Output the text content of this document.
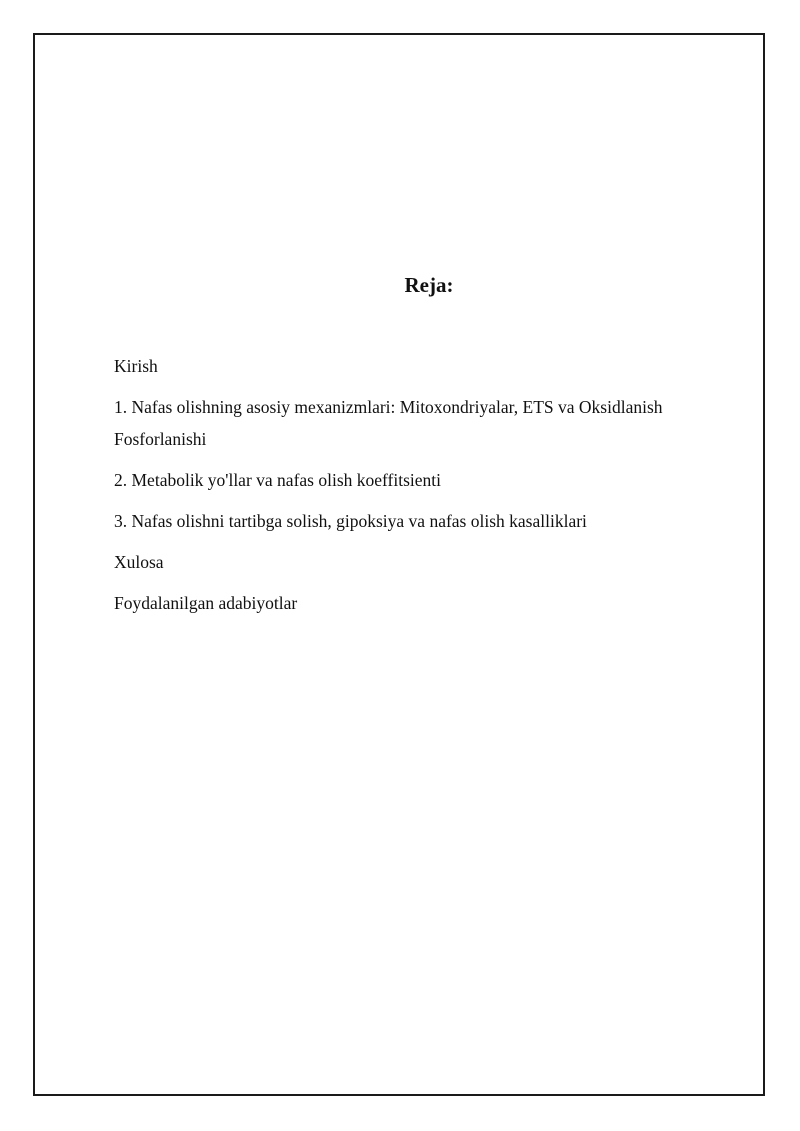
Reja:
Kirish
1. Nafas olishning asosiy mexanizmlari: Mitoxondriyalar, ETS va Oksidlanish Fosforlanishi
2. Metabolik yo'llar va nafas olish koeffitsienti
3. Nafas olishni tartibga solish, gipoksiya va nafas olish kasalliklari
Xulosa
Foydalanilgan adabiyotlar
